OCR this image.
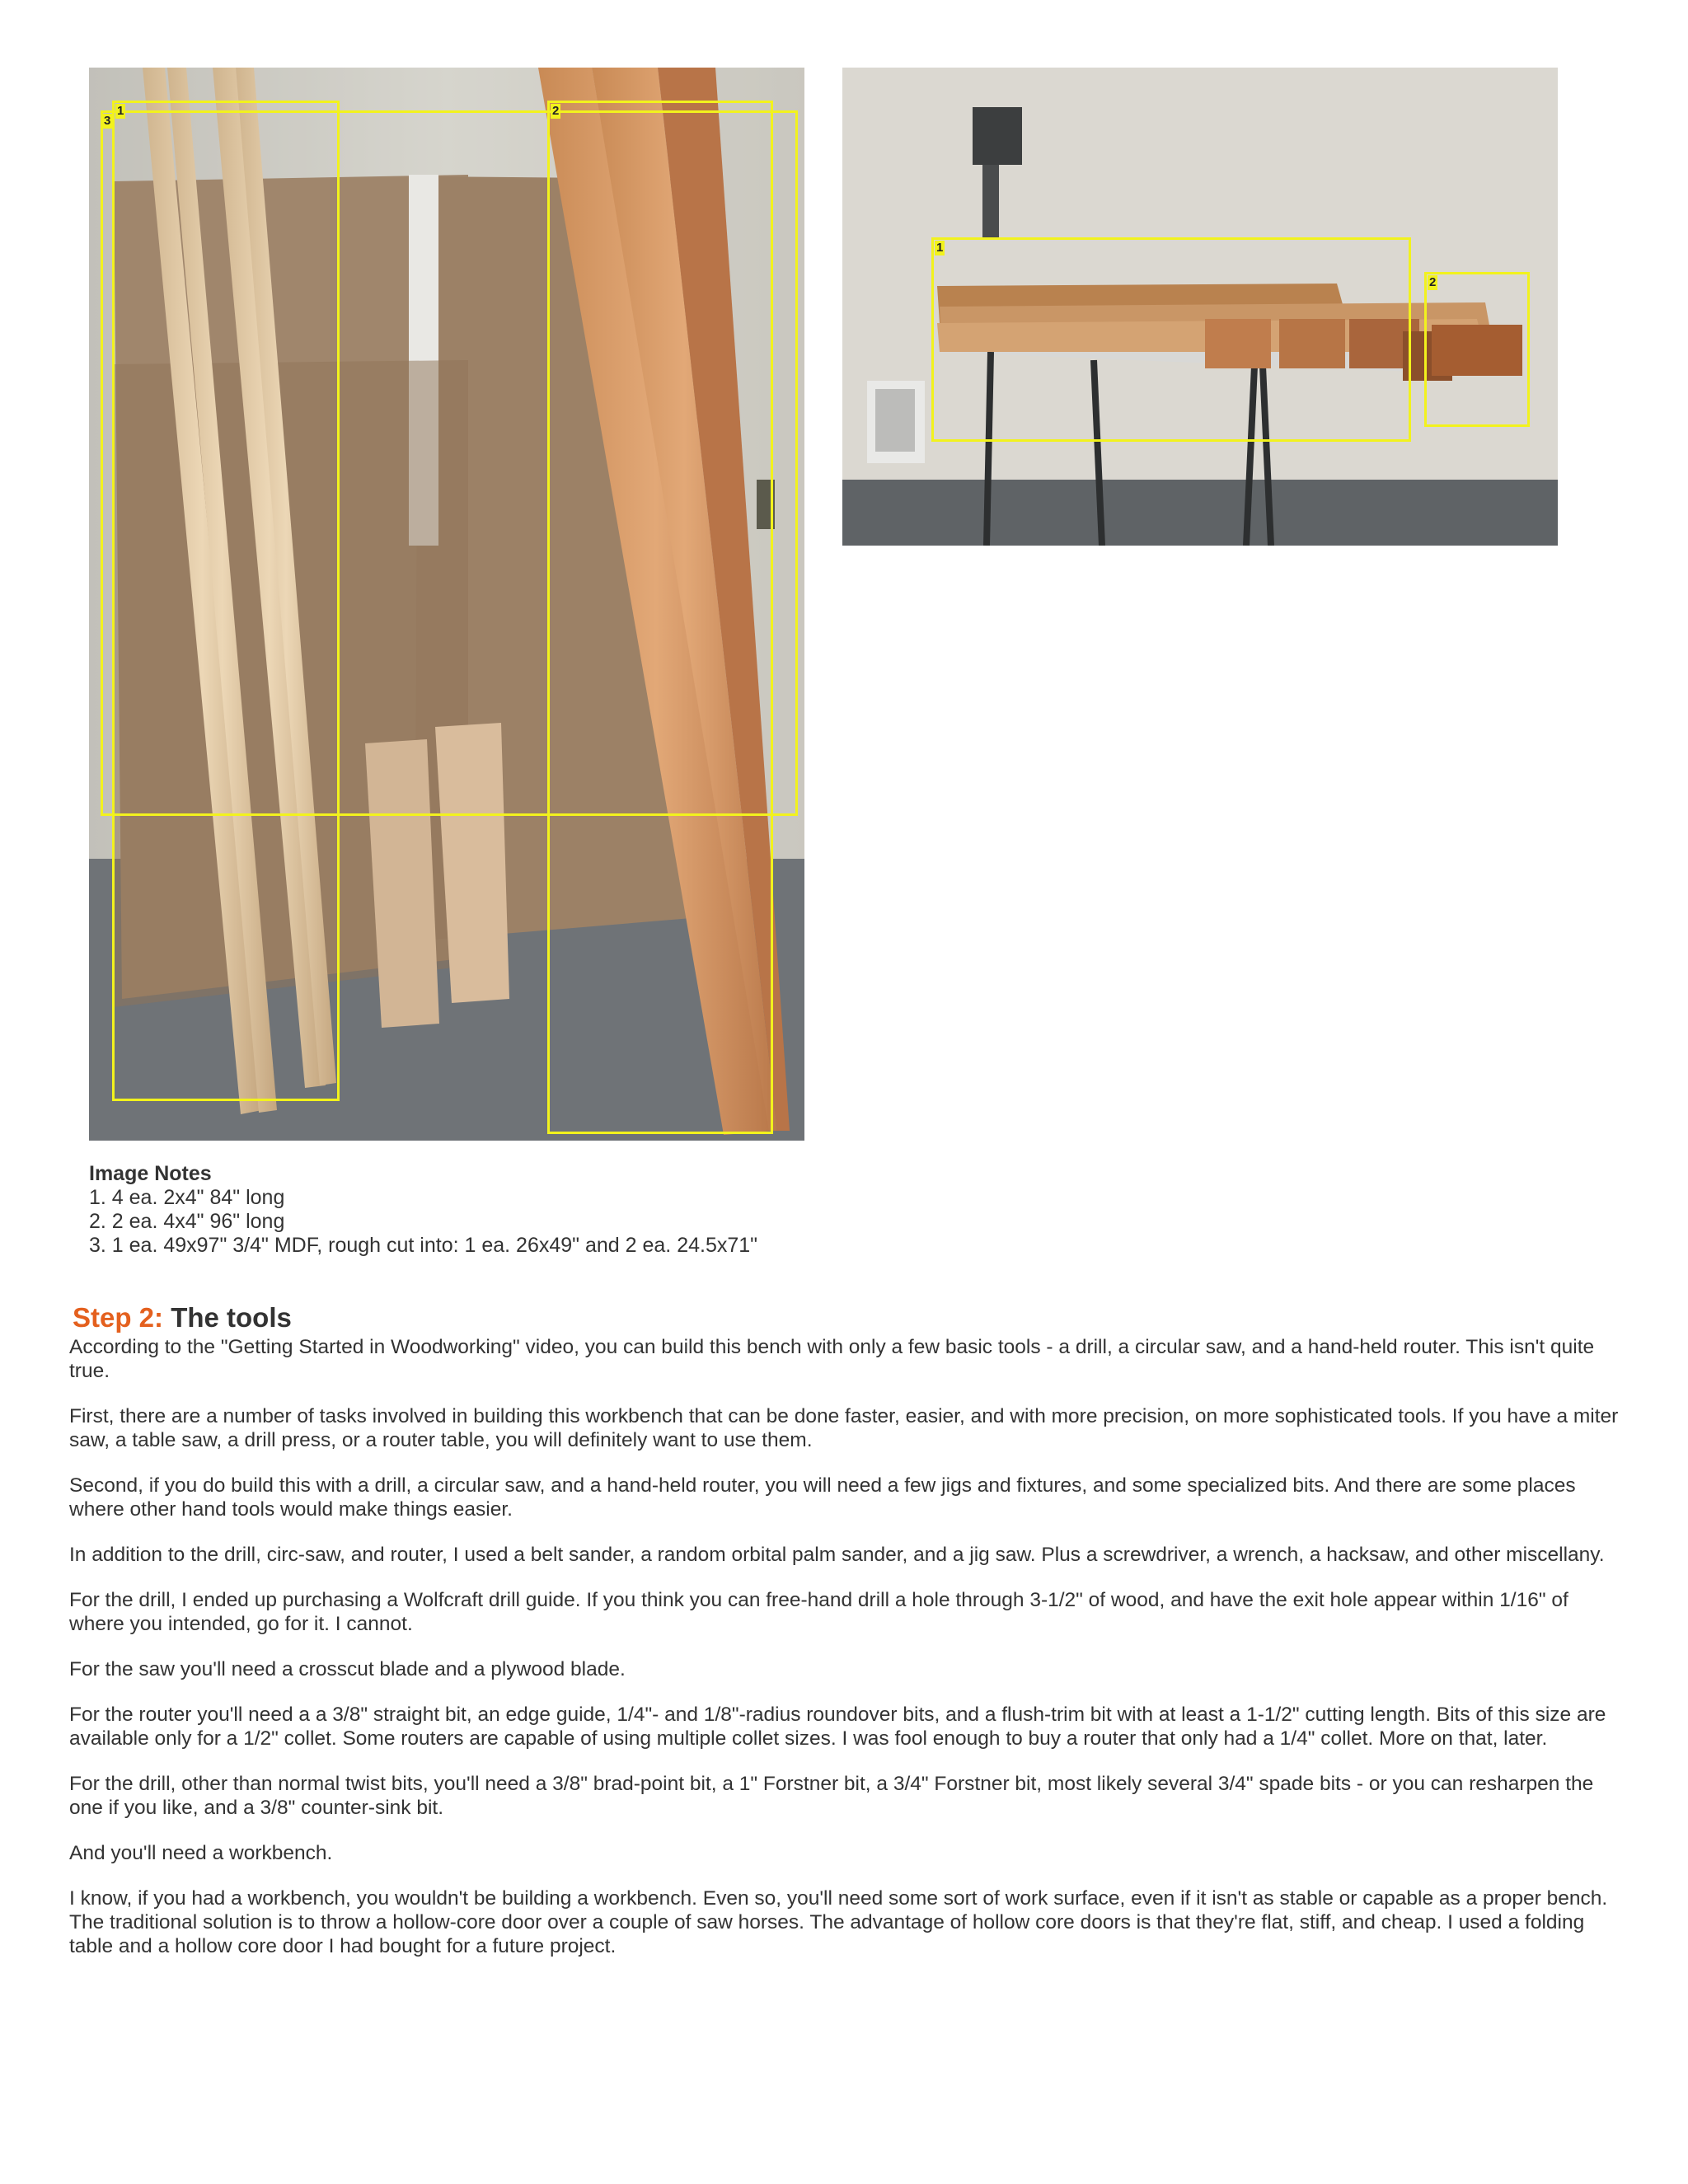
3
1	2
1
2
Image Notes
1. 4 ea. 2x4" 84" long
2. 2 ea. 4x4" 96" long
3. 1 ea. 49x97" 3/4" MDF, rough cut into: 1 ea. 26x49" and 2 ea. 24.5x71"
Step 2: The tools

According to the "Getting Started in Woodworking" video, you can build this bench with only a few basic tools - a drill, a circular saw, and a hand-held router. This isn't quite true.

First, there are a number of tasks involved in building this workbench that can be done faster, easier, and with more precision, on more sophisticated tools. If you have a miter saw, a table saw, a drill press, or a router table, you will definitely want to use them.

Second, if you do build this with a drill, a circular saw, and a hand-held router, you will need a few jigs and fixtures, and some specialized bits. And there are some places where other hand tools would make things easier.

In addition to the drill, circ-saw, and router, I used a belt sander, a random orbital palm sander, and a jig saw. Plus a screwdriver, a wrench, a hacksaw, and other miscellany.

For the drill, I ended up purchasing a Wolfcraft drill guide. If you think you can free-hand drill a hole through 3-1/2" of wood, and have the exit hole appear within 1/16" of where you intended, go for it. I cannot.

For the saw you'll need a crosscut blade and a plywood blade.

For the router you'll need a a 3/8" straight bit, an edge guide, 1/4"- and 1/8"-radius roundover bits, and a flush-trim bit with at least a 1-1/2" cutting length. Bits of this size are available only for a 1/2" collet. Some routers are capable of using multiple collet sizes. I was fool enough to buy a router that only had a 1/4" collet. More on that, later.

For the drill, other than normal twist bits, you'll need a 3/8" brad-point bit, a 1" Forstner bit, a 3/4" Forstner bit, most likely several 3/4" spade bits - or you can resharpen the one if you like, and a 3/8" counter-sink bit.

And you'll need a workbench.

I know, if you had a workbench, you wouldn't be building a workbench. Even so, you'll need some sort of work surface, even if it isn't as stable or capable as a proper bench. The traditional solution is to throw a hollow-core door over a couple of saw horses. The advantage of hollow core doors is that they're flat, stiff, and cheap. I used a folding table and a hollow core door I had bought for a future project.
